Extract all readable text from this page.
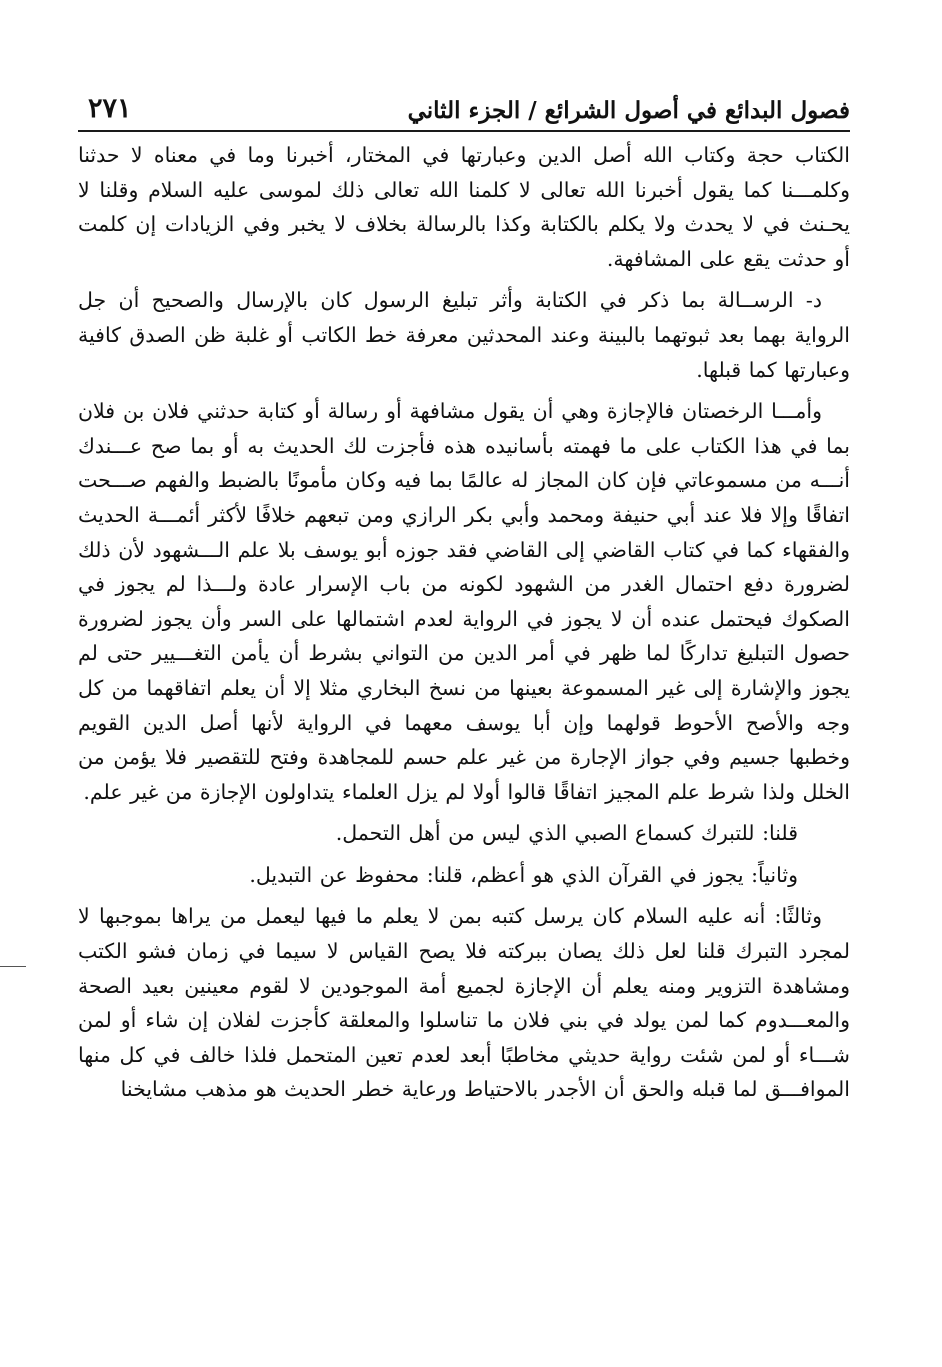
فصول البدائع في أصول الشرائع / الجزء الثاني
٢٧١

الكتاب حجة وكتاب الله أصل الدين وعبارتها في المختار، أخبرنا وما في معناه لا حدثنا وكلمـــنا كما يقول أخبرنا الله تعالى لا كلمنا الله تعالى ذلك لموسى عليه السلام وقلنا لا يحـنث في لا يحدث ولا يكلم بالكتابة وكذا بالرسالة بخلاف لا يخبر وفي الزيادات إن كلمت أو حدثت يقع على المشافهة.

د- الرســالة بما ذكر في الكتابة وأثر تبليغ الرسول كان بالإرسال والصحيح أن جل الرواية بهما بعد ثبوتهما بالبينة وعند المحدثين معرفة خط الكاتب أو غلبة ظن الصدق كافية وعبارتها كما قبلها.

وأمـــا الرخصتان فالإجازة وهي أن يقول مشافهة أو رسالة أو كتابة حدثني فلان بن فلان بما في هذا الكتاب على ما فهمته بأسانيده هذه فأجزت لك الحديث به أو بما صح عـــندك أنـــه من مسموعاتي فإن كان المجاز له عالمًا بما فيه وكان مأمونًا بالضبط والفهم صـــحت اتفاقًا وإلا فلا عند أبي حنيفة ومحمد وأبي بكر الرازي ومن تبعهم خلافًا لأكثر أئمـــة الحديث والفقهاء كما في كتاب القاضي إلى القاضي فقد جوزه أبو يوسف بلا علم الـــشهود لأن ذلك لضرورة دفع احتمال الغدر من الشهود لكونه من باب الإسرار عادة ولـــذا لم يجوز في الصكوك فيحتمل عنده أن لا يجوز في الرواية لعدم اشتمالها على السر وأن يجوز لضرورة حصول التبليغ تداركًا لما ظهر في أمر الدين من التواني بشرط أن يأمن التغـــيير حتى لم يجوز والإشارة إلى غير المسموعة بعينها من نسخ البخاري مثلا إلا أن يعلم اتفاقهما من كل وجه والأصح الأحوط قولهما وإن أبا يوسف معهما في الرواية لأنها أصل الدين القويم وخطبها جسيم وفي جواز الإجارة من غير علم حسم للمجاهدة وفتح للتقصير فلا يؤمن من الخلل ولذا شرط علم المجيز اتفاقًا قالوا أولا لم يزل العلماء يتداولون الإجازة من غير علم.

قلنا: للتبرك كسماع الصبي الذي ليس من أهل التحمل.

وثانياً: يجوز في القرآن الذي هو أعظم، قلنا: محفوظ عن التبديل.

وثالثًا: أنه عليه السلام كان يرسل كتبه بمن لا يعلم ما فيها ليعمل من يراها بموجبها لا لمجرد التبرك قلنا لعل ذلك يصان ببركته فلا يصح القياس لا سيما في زمان فشو الكتب ومشاهدة التزوير ومنه يعلم أن الإجازة لجميع أمة الموجودين لا لقوم معينين بعيد الصحة والمعـــدوم كما لمن يولد في بني فلان ما تناسلوا والمعلقة كأجزت لفلان إن شاء أو لمن شـــاء أو لمن شئت رواية حديثي مخاطبًا أبعد لعدم تعين المتحمل فلذا خالف في كل منها الموافـــق لما قبله والحق أن الأجدر بالاحتياط ورعاية خطر الحديث هو مذهب مشايخنا
